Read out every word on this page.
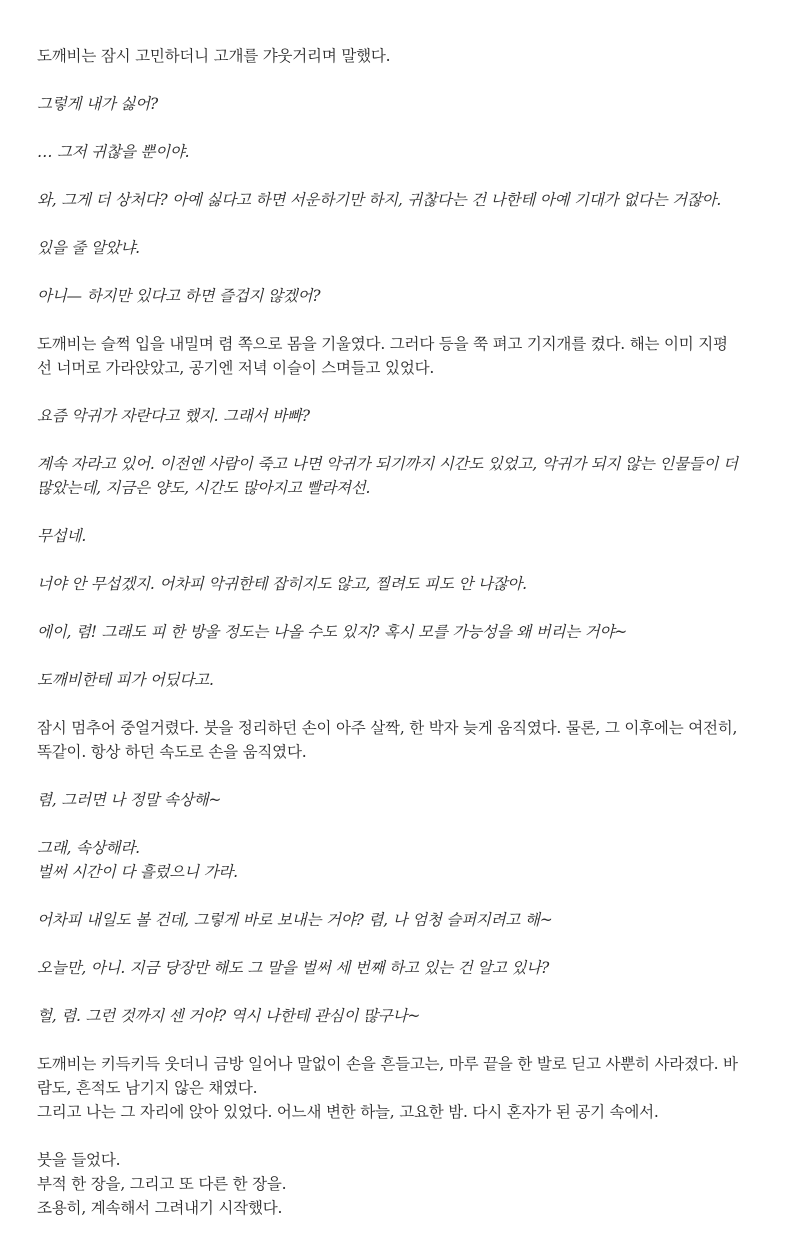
도깨비는 잠시 고민하더니 고개를 갸웃거리며 말했다.

그렇게 내가 싫어?

… 그저 귀찮을 뿐이야.

와, 그게 더 상처다? 아예 싫다고 하면 서운하기만 하지, 귀찮다는 건 나한테 아예 기대가 없다는 거잖아.

있을 줄 알았냐.

아니— 하지만 있다고 하면 즐겁지 않겠어?

도깨비는 슬쩍 입을 내밀며 렴 쪽으로 몸을 기울였다. 그러다 등을 쭉 펴고 기지개를 켰다. 해는 이미 지평
선 너머로 가라앉았고, 공기엔 저녁 이슬이 스며들고 있었다.

요즘 악귀가 자란다고 했지. 그래서 바빠?

계속 자라고 있어. 이전엔 사람이 죽고 나면 악귀가 되기까지 시간도 있었고, 악귀가 되지 않는 인물들이 더
많았는데, 지금은 양도, 시간도 많아지고 빨라져선.

무섭네.

너야 안 무섭겠지. 어차피 악귀한테 잡히지도 않고, 찔려도 피도 안 나잖아.

에이, 렴! 그래도 피 한 방울 정도는 나올 수도 있지? 혹시 모를 가능성을 왜 버리는 거야~

도깨비한테 피가 어딨다고.

잠시 멈추어 중얼거렸다. 붓을 정리하던 손이 아주 살짝, 한 박자 늦게 움직였다. 물론, 그 이후에는 여전히,
똑같이. 항상 하던 속도로 손을 움직였다.

렴, 그러면 나 정말 속상해~

그래, 속상해라.
벌써 시간이 다 흘렀으니 가라.

어차피 내일도 볼 건데, 그렇게 바로 보내는 거야? 렴, 나 엄청 슬퍼지려고 해~

오늘만, 아니. 지금 당장만 해도 그 말을 벌써 세 번째 하고 있는 건 알고 있나?

헐, 렴. 그런 것까지 센 거야? 역시 나한테 관심이 많구나~

도깨비는 키득키득 웃더니 금방 일어나 말없이 손을 흔들고는, 마루 끝을 한 발로 딛고 사뿐히 사라졌다. 바
람도, 흔적도 남기지 않은 채였다.
그리고 나는 그 자리에 앉아 있었다. 어느새 변한 하늘, 고요한 밤. 다시 혼자가 된 공기 속에서.

붓을 들었다.
부적 한 장을, 그리고 또 다른 한 장을.
조용히, 계속해서 그려내기 시작했다.
